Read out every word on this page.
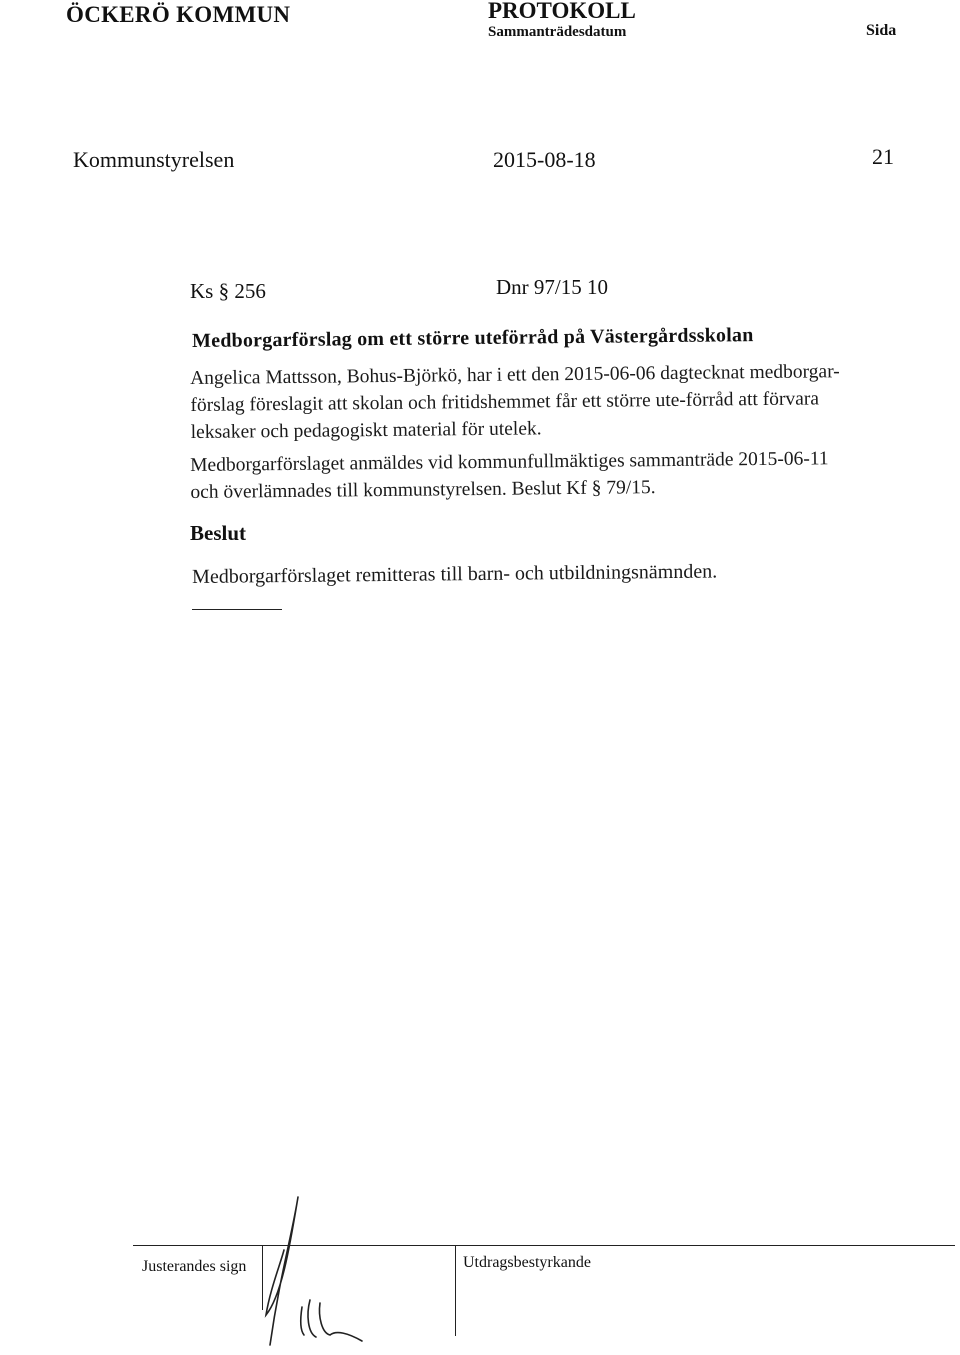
ÖCKERÖ KOMMUN	PROTOKOLL
Sammanträdesdatum	Sida
Kommunstyrelsen	2015-08-18	21
Ks § 256	Dnr 97/15 10
Medborgarförslag om ett större uteförråd på Västergårdsskolan
Angelica Mattsson, Bohus-Björkö, har i ett den 2015-06-06 dagtecknat medborgar-
förslag föreslagit att skolan och fritidshemmet får ett större ute-förråd att förvara
leksaker och pedagogiskt material för utelek.
Medborgarförslaget anmäldes vid kommunfullmäktiges sammanträde 2015-06-11
och överlämnades till kommunstyrelsen. Beslut Kf § 79/15.
Beslut
Medborgarförslaget remitteras till barn- och utbildningsnämnden.
Justerandes sign	Utdragsbestyrkande
